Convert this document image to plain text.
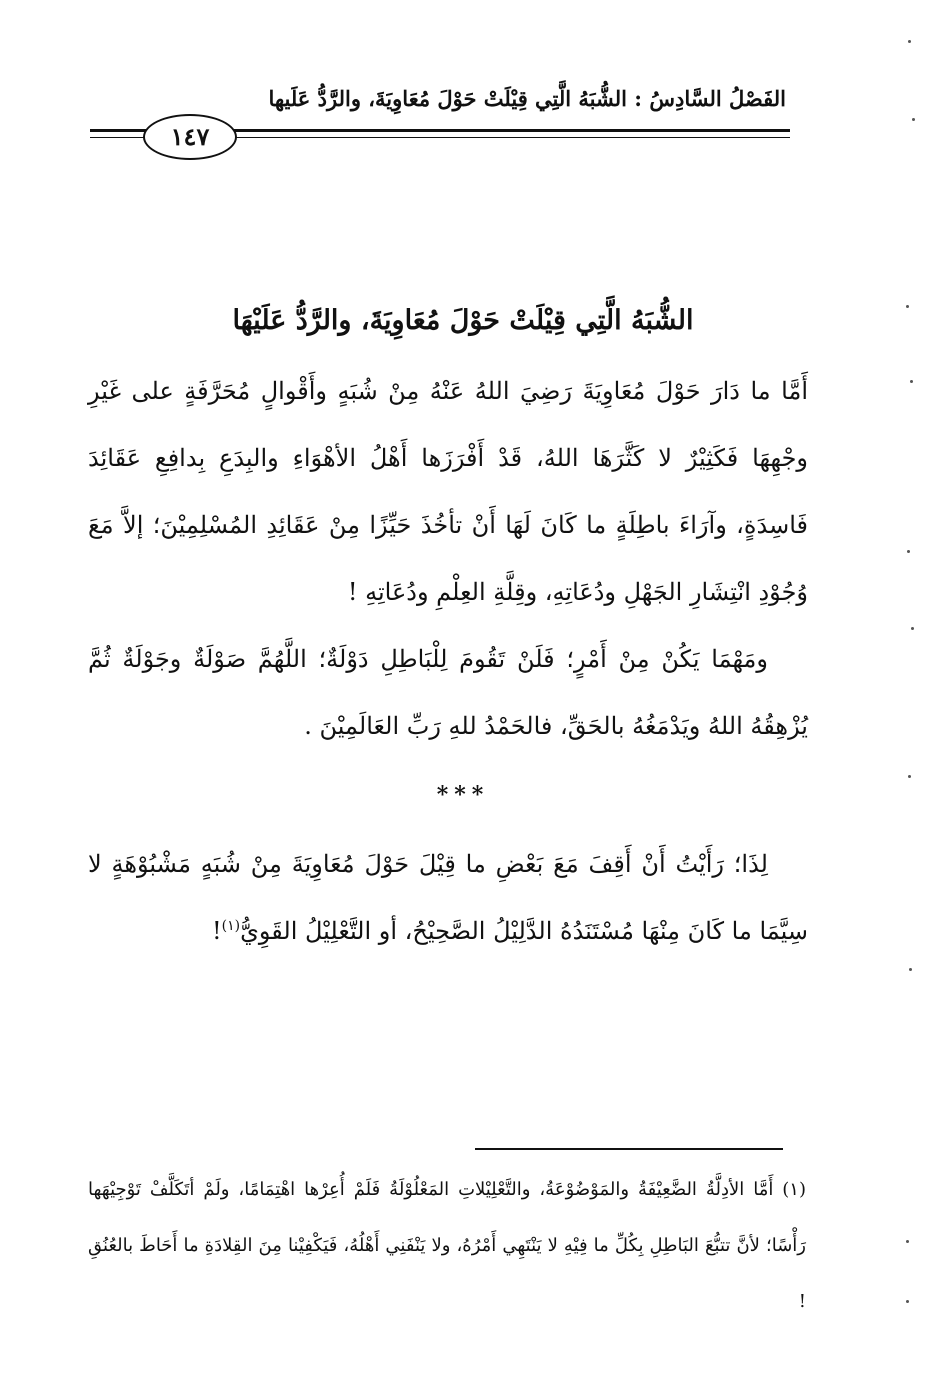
الفَصْلُ السَّادِسُ : الشُّبَهُ الَّتِي قِيْلَتْ حَوْلَ مُعَاوِيَةَ، والرَّدُّ عَلَيها
١٤٧
الشُّبَهُ الَّتِي قِيْلَتْ حَوْلَ مُعَاوِيَةَ، والرَّدُّ عَلَيْهَا
أَمَّا ما دَارَ حَوْلَ مُعَاوِيَةَ رَضِيَ اللهُ عَنْهُ مِنْ شُبَهٍ وأَقْوالٍ مُحَرَّفَةٍ على غَيْرِ وجْهِهَا فَكَثِيْرٌ لا كَثَّرَهَا اللهُ، قَدْ أَفْرَزَها أَهْلُ الأهْوَاءِ والبِدَعِ بِدافِعِ عَقَائِدَ فَاسِدَةٍ، وآرَاءَ باطِلَةٍ ما كَانَ لَهَا أَنْ تأخُذَ حَيِّزًا مِنْ عَقَائِدِ المُسْلِمِيْنَ؛ إلاَّ مَعَ وُجُوْدِ انْتِشَارِ الجَهْلِ ودُعَاتِهِ، وقِلَّةِ العِلْمِ ودُعَاتِهِ !
ومَهْمَا يَكُنْ مِنْ أَمْرٍ؛ فَلَنْ تَقُومَ لِلْبَاطِلِ دَوْلَةٌ؛ اللَّهُمَّ صَوْلَةٌ وجَوْلَةٌ ثُمَّ يُزْهِقُهُ اللهُ ويَدْمَغُهُ بالحَقِّ، فالحَمْدُ للهِ رَبِّ العَالَمِيْنَ .
***
لِذَا؛ رَأَيْتُ أَنْ أَقِفَ مَعَ بَعْضِ ما قِيْلَ حَوْلَ مُعَاوِيَةَ مِنْ شُبَهٍ مَشْبُوْهَةٍ لا سِيَّمَا ما كَانَ مِنْهَا مُسْتَنَدُهُ الدَّلِيْلُ الصَّحِيْحُ، أو التَّعْلِيْلُ القَوِيُّ$^{(١)}$!
(١) أَمَّا الأدِلَّةُ الضَّعِيْفَةُ والمَوْضُوْعَةُ، والتَّعْلِيْلاتِ المَعْلُوْلَةُ فَلَمْ أُعِرْها اهْتِمَامًا، ولَمْ أتَكَلَّفْ تَوْجِيْهَها رَأْسًا؛ لأنَّ تتبُّعَ البَاطِلِ بِكُلِّ ما فِيْهِ لا يَنْتَهِي أَمْرُهُ، ولا يَنْفَنِي أَهْلُهُ، فَيَكْفِيْنا مِنَ القِلادَةِ ما أَحَاطَ بالعُنُقِ !
